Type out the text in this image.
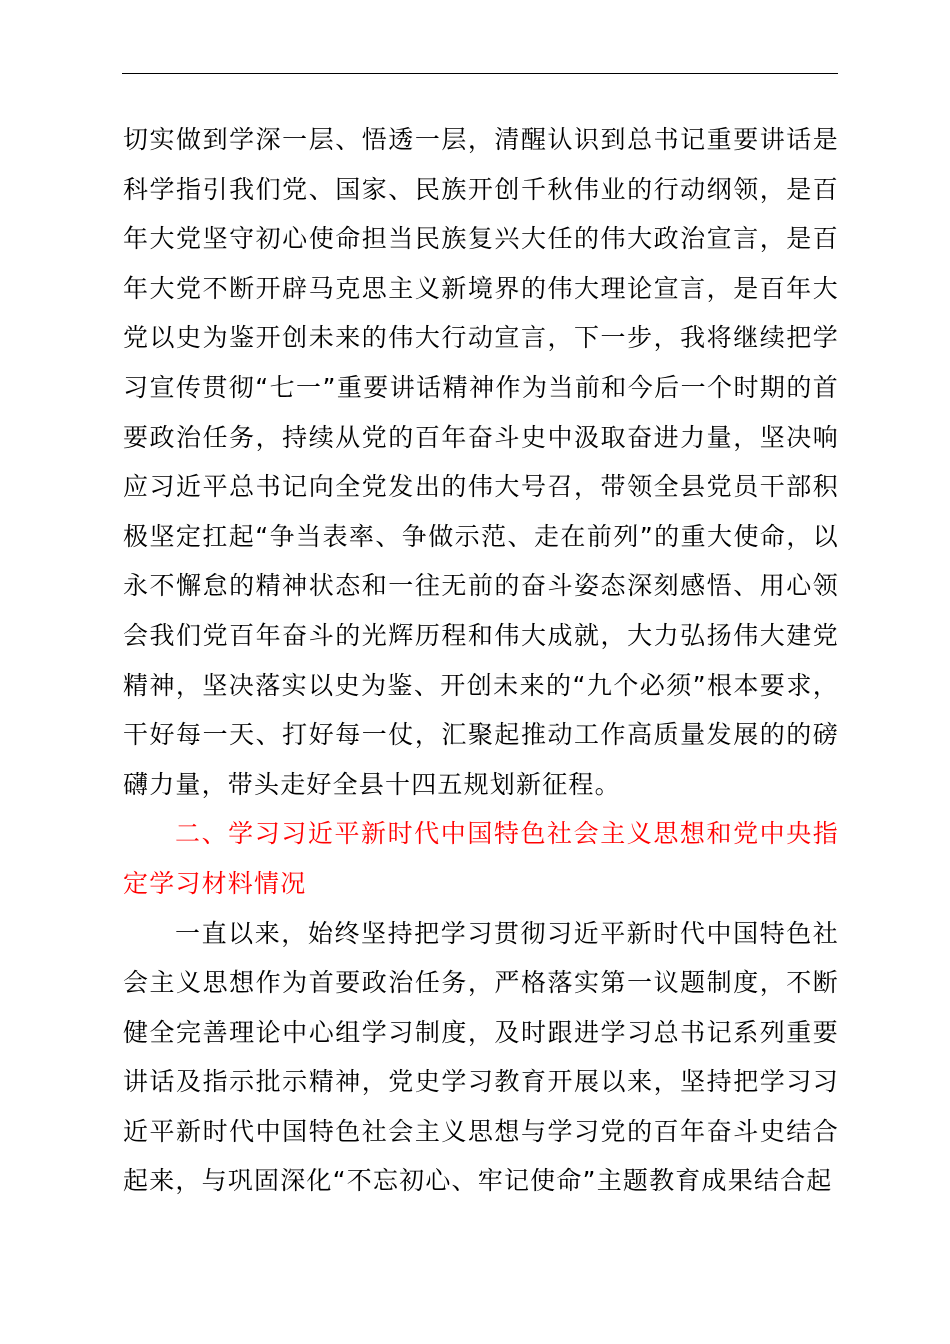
切实做到学深一层、悟透一层，清醒认识到总书记重要讲话是科学指引我们党、国家、民族开创千秋伟业的行动纲领，是百年大党坚守初心使命担当民族复兴大任的伟大政治宣言，是百年大党不断开辟马克思主义新境界的伟大理论宣言，是百年大党以史为鉴开创未来的伟大行动宣言，下一步，我将继续把学习宣传贯彻“七一”重要讲话精神作为当前和今后一个时期的首要政治任务，持续从党的百年奋斗史中汲取奋进力量，坚决响应习近平总书记向全党发出的伟大号召，带领全县党员干部积极坚定扛起“争当表率、争做示范、走在前列”的重大使命，以永不懈怠的精神状态和一往无前的奋斗姿态深刻感悟、用心领会我们党百年奋斗的光辉历程和伟大成就，大力弘扬伟大建党精神，坚决落实以史为鉴、开创未来的“九个必须”根本要求，干好每一天、打好每一仗，汇聚起推动工作高质量发展的的磅礴力量，带头走好全县十四五规划新征程。

二、学习习近平新时代中国特色社会主义思想和党中央指定学习材料情况

一直以来，始终坚持把学习贯彻习近平新时代中国特色社会主义思想作为首要政治任务，严格落实第一议题制度，不断健全完善理论中心组学习制度，及时跟进学习总书记系列重要讲话及指示批示精神，党史学习教育开展以来，坚持把学习习近平新时代中国特色社会主义思想与学习党的百年奋斗史结合起来，与巩固深化“不忘初心、牢记使命”主题教育成果结合起
